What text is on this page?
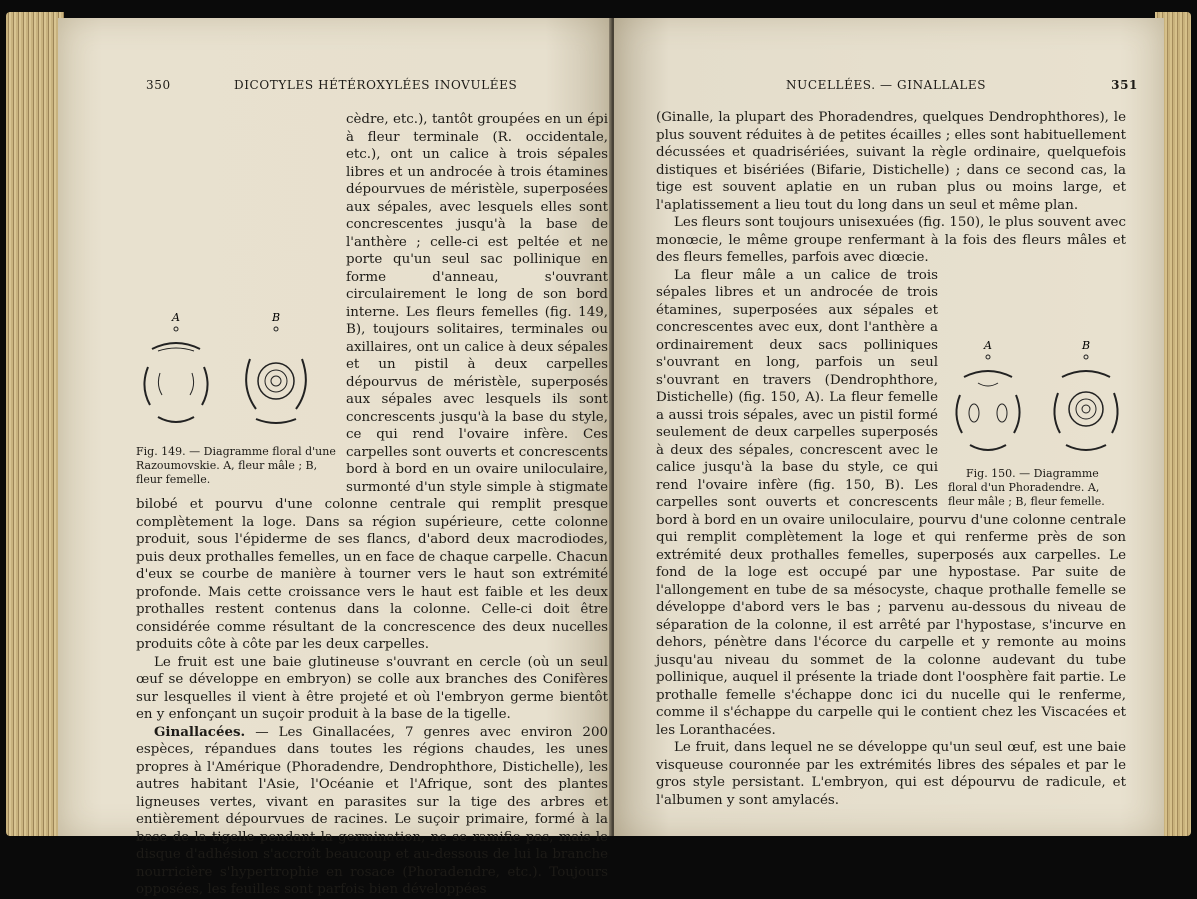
350	DICOTYLES HÉTÉROXYLÉES INOVULÉES

A	B
Fig. 149. — Diagramme floral d'une Razoumovskie. A, fleur mâle ; B, fleur femelle.
cèdre, etc.), tantôt groupées en un épi à fleur terminale (R. occidentale, etc.), ont un calice à trois sépales libres et un androcée à trois étamines dépourvues de méristèle, superposées aux sépales, avec lesquels elles sont concrescentes jusqu'à la base de l'anthère ; celle-ci est peltée et ne porte qu'un seul sac pollinique en forme d'anneau, s'ouvrant circulairement le long de son bord interne. Les fleurs femelles (fig. 149, B), toujours solitaires, terminales ou axillaires, ont un calice à deux sépales et un pistil à deux carpelles dépourvus de méristèle, superposés aux sépales avec lesquels ils sont concrescents jusqu'à la base du style, ce qui rend l'ovaire infère. Ces carpelles sont ouverts et concrescents bord à bord en un ovaire uniloculaire, surmonté d'un style simple à stigmate bilobé et pourvu d'une colonne centrale qui remplit presque complètement la loge. Dans sa région supérieure, cette colonne produit, sous l'épiderme de ses flancs, d'abord deux macrodiodes, puis deux prothalles femelles, un en face de chaque carpelle. Chacun d'eux se courbe de manière à tourner vers le haut son extrémité profonde. Mais cette croissance vers le haut est faible et les deux prothalles restent contenus dans la colonne. Celle-ci doit être considérée comme résultant de la concrescence des deux nucelles produits côte à côte par les deux carpelles.

Le fruit est une baie glutineuse s'ouvrant en cercle (où un seul œuf se développe en embryon) se colle aux branches des Conifères sur lesquelles il vient à être projeté et où l'embryon germe bientôt en y enfonçant un suçoir produit à la base de la tigelle.

Ginallacées. — Les Ginallacées, 7 genres avec environ 200 espèces, répandues dans toutes les régions chaudes, les unes propres à l'Amérique (Phoradendre, Dendrophthore, Distichelle), les autres habitant l'Asie, l'Océanie et l'Afrique, sont des plantes ligneuses vertes, vivant en parasites sur la tige des arbres et entièrement dépourvues de racines. Le suçoir primaire, formé à la base de la tigelle pendant la germination, ne se ramifie pas, mais le disque d'adhésion s'accroît beaucoup et au-dessous de lui la branche nourricière s'hypertrophie en rosace (Phoradendre, etc.). Toujours opposées, les feuilles sont parfois bien développées

NUCELLÉES. — GINALLALES	351

(Ginalle, la plupart des Phoradendres, quelques Dendrophthores), le plus souvent réduites à de petites écailles ; elles sont habituellement décussées et quadrisériées, suivant la règle ordinaire, quelquefois distiques et bisériées (Bifarie, Distichelle) ; dans ce second cas, la tige est souvent aplatie en un ruban plus ou moins large, et l'aplatissement a lieu tout du long dans un seul et même plan.

Les fleurs sont toujours unisexuées (fig. 150), le plus souvent avec monœcie, le même groupe renfermant à la fois des fleurs mâles et des fleurs femelles, parfois avec diœcie.

A	B
Fig. 150. — Diagramme floral d'un Phoradendre. A, fleur mâle ; B, fleur femelle.
La fleur mâle a un calice de trois sépales libres et un androcée de trois étamines, superposées aux sépales et concrescentes avec eux, dont l'anthère a ordinairement deux sacs polliniques s'ouvrant en long, parfois un seul s'ouvrant en travers (Dendrophthore, Distichelle) (fig. 150, A). La fleur femelle a aussi trois sépales, avec un pistil formé seulement de deux carpelles superposés à deux des sépales, concrescent avec le calice jusqu'à la base du style, ce qui rend l'ovaire infère (fig. 150, B). Les carpelles sont ouverts et concrescents bord à bord en un ovaire uniloculaire, pourvu d'une colonne centrale qui remplit complètement la loge et qui renferme près de son extrémité deux prothalles femelles, superposés aux carpelles. Le fond de la loge est occupé par une hypostase. Par suite de l'allongement en tube de sa mésocyste, chaque prothalle femelle se développe d'abord vers le bas ; parvenu au-dessous du niveau de séparation de la colonne, il est arrêté par l'hypostase, s'incurve en dehors, pénètre dans l'écorce du carpelle et y remonte au moins jusqu'au niveau du sommet de la colonne audevant du tube pollinique, auquel il présente la triade dont l'oosphère fait partie. Le prothalle femelle s'échappe donc ici du nucelle qui le renferme, comme il s'échappe du carpelle qui le contient chez les Viscacées et les Loranthacées.

Le fruit, dans lequel ne se développe qu'un seul œuf, est une baie visqueuse couronnée par les extrémités libres des sépales et par le gros style persistant. L'embryon, qui est dépourvu de radicule, et l'albumen y sont amylacés.
